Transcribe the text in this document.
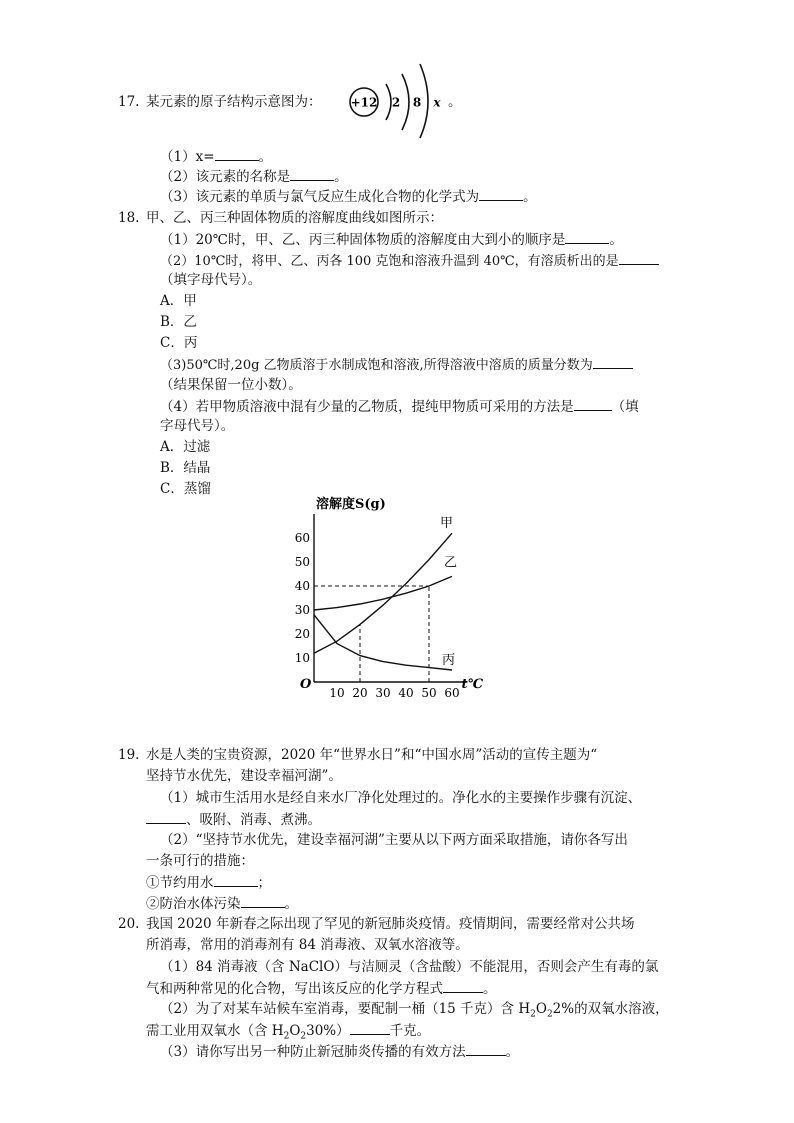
17. 某元素的原子结构示意图为： +12 2 8 x 。
（1）x=	。
（2）该元素的名称是	。
（3）该元素的单质与氯气反应生成化合物的化学式为	。
18. 甲、乙、丙三种固体物质的溶解度曲线如图所示：
（1）20℃时，甲、乙、丙三种固体物质的溶解度由大到小的顺序是	。
（2）10℃时，将甲、乙、丙各 100 克饱和溶液升温到 40℃，有溶质析出的是
（填字母代号）。
A．甲
B．乙
C．丙
（3)50℃时,20g 乙物质溶于水制成饱和溶液,所得溶液中溶质的质量分数为
（结果保留一位小数）。
（4）若甲物质溶液中混有少量的乙物质，提纯甲物质可采用的方法是	（填
字母代号）。
A．过滤
B．结晶
C．蒸馏
溶解度S(g)
t℃
O
10 20 30 40 50 60
10
20
30
40
50
60
甲
乙
丙
19. 水是人类的宝贵资源，2020 年“世界水日”和“中国水周”活动的宣传主题为“
坚持节水优先，建设幸福河湖”。
（1）城市生活用水是经自来水厂净化处理过的。净化水的主要操作步骤有沉淀、
、吸附、消毒、煮沸。
（2）“坚持节水优先，建设幸福河湖”主要从以下两方面采取措施，请你各写出
一条可行的措施：
①节约用水	；
②防治水体污染	。
20. 我国 2020 年新春之际出现了罕见的新冠肺炎疫情。疫情期间，需要经常对公共场
所消毒，常用的消毒剂有 84 消毒液、双氧水溶液等。
（1）84 消毒液（含 NaClO）与洁厕灵（含盐酸）不能混用，否则会产生有毒的氯
气和两种常见的化合物，写出该反应的化学方程式	。
（2）为了对某车站候车室消毒，要配制一桶（15 千克）含 $H_2O_22\%$的双氧水溶液，
需工业用双氧水（含 $H_2O_230\%$）	千克。
（3）请你写出另一种防止新冠肺炎传播的有效方法	。
